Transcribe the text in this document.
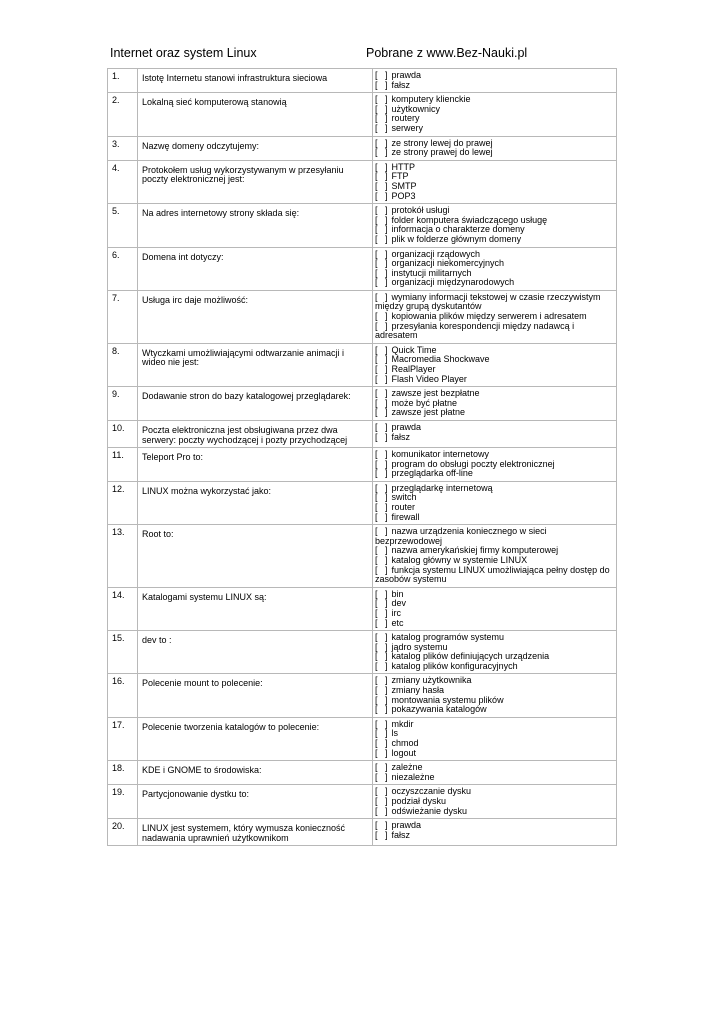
Internet oraz system Linux	Pobrane z www.Bez-Nauki.pl
1.	Istotę Internetu stanowi infrastruktura sieciowa	[   ] prawda
[   ] fałsz

2.	Lokalną sieć komputerową stanowią	[   ] komputery klienckie
[   ] użytkownicy
[   ] routery
[   ] serwery

3.	Nazwę domeny odczytujemy:	[   ] ze strony lewej do prawej
[   ] ze strony prawej do lewej

4.	Protokołem usług wykorzystywanym w przesyłaniu poczty elektronicznej jest:	[   ] HTTP
[   ] FTP
[   ] SMTP
[   ] POP3

5.	Na adres internetowy strony składa się:	[   ] protokół usługi
[   ] folder komputera świadczącego usługę
[   ] informacja o charakterze domeny
[   ] plik w folderze głównym domeny

6.	Domena int dotyczy:	[   ] organizacji rządowych
[   ] organizacji niekomercyjnych
[   ] instytucji militarnych
[   ] organizacji międzynarodowych

7.	Usługa irc daje możliwość:	[   ] wymiany informacji tekstowej w czasie rzeczywistym między grupą dyskutantów
[   ] kopiowania plików między serwerem i adresatem
[   ] przesyłania korespondencji między nadawcą i adresatem

8.	Wtyczkami umożliwiającymi odtwarzanie animacji i wideo nie jest:	[   ] Quick Time
[   ] Macromedia Shockwave
[   ] RealPlayer
[   ] Flash Video Player

9.	Dodawanie stron do bazy katalogowej przeglądarek:	[   ] zawsze jest bezpłatne
[   ] może być płatne
[   ] zawsze jest płatne

10.	Poczta elektroniczna jest obsługiwana przez dwa serwery: poczty wychodzącej i pozty przychodzącej	[   ] prawda
[   ] fałsz

11.	Teleport Pro to:	[   ] komunikator internetowy
[   ] program do obsługi poczty elektronicznej
[   ] przeglądarka off-line

12.	LINUX można wykorzystać jako:	[   ] przeglądarkę internetową
[   ] switch
[   ] router
[   ] firewall

13.	Root to:	[   ] nazwa urządzenia koniecznego w sieci bezprzewodowej
[   ] nazwa amerykańskiej firmy komputerowej
[   ] katalog główny w systemie LINUX
[   ] funkcja systemu LINUX umożliwiająca pełny dostęp do zasobów systemu

14.	Katalogami systemu LINUX są:	[   ] bin
[   ] dev
[   ] irc
[   ] etc

15.	dev to :	[   ] katalog programów systemu
[   ] jądro systemu
[   ] katalog plików definiujących urządzenia
[   ] katalog plików konfiguracyjnych

16.	Polecenie mount to polecenie:	[   ] zmiany użytkownika
[   ] zmiany hasła
[   ] montowania systemu plików
[   ] pokazywania katalogów

17.	Polecenie tworzenia katalogów to polecenie:	[   ] mkdir
[   ] ls
[   ] chmod
[   ] logout

18.	KDE i GNOME to środowiska:	[   ] zależne
[   ] niezależne

19.	Partycjonowanie dystku to:	[   ] oczyszczanie dysku
[   ] podział dysku
[   ] odświeżanie dysku

20.	LINUX jest systemem, który wymusza konieczność nadawania uprawnień użytkownikom	[   ] prawda
[   ] fałsz
